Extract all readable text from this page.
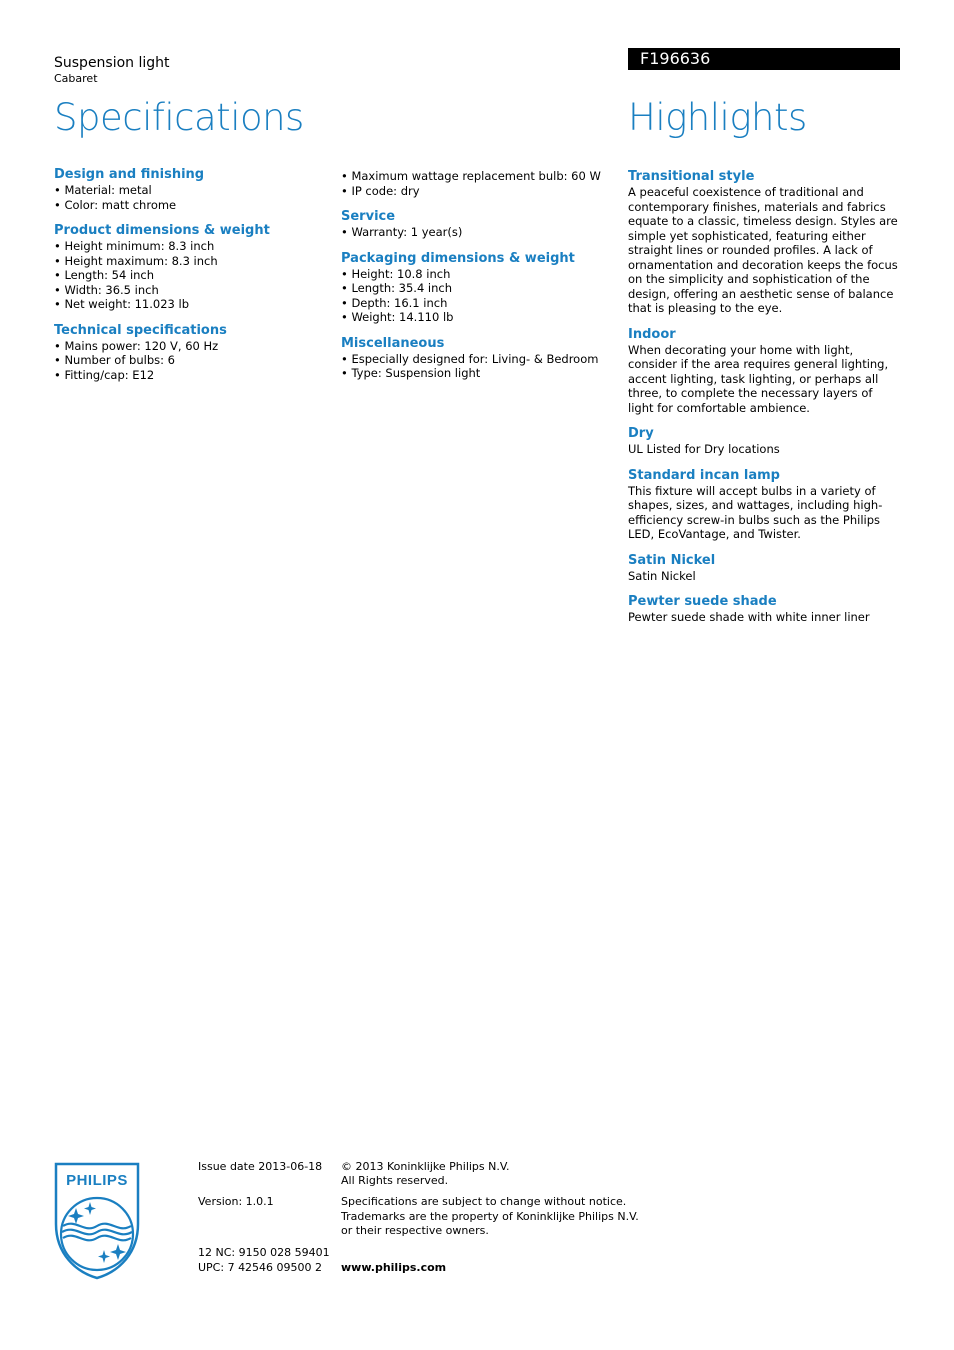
Suspension light
Cabaret
Specifications
F196636
Highlights
Design and finishing
• Material: metal
• Color: matt chrome
Product dimensions & weight
• Height minimum: 8.3 inch
• Height maximum: 8.3 inch
• Length: 54 inch
• Width: 36.5 inch
• Net weight: 11.023 lb
Technical specifications
• Mains power: 120 V, 60 Hz
• Number of bulbs: 6
• Fitting/cap: E12
• Maximum wattage replacement bulb: 60 W
• IP code: dry
Service
• Warranty: 1 year(s)
Packaging dimensions & weight
• Height: 10.8 inch
• Length: 35.4 inch
• Depth: 16.1 inch
• Weight: 14.110 lb
Miscellaneous
• Especially designed for: Living- & Bedroom
• Type: Suspension light
Transitional style
A peaceful coexistence of traditional and contemporary finishes, materials and fabrics equate to a classic, timeless design. Styles are simple yet sophisticated, featuring either straight lines or rounded profiles. A lack of ornamentation and decoration keeps the focus on the simplicity and sophistication of the design, offering an aesthetic sense of balance that is pleasing to the eye.
Indoor
When decorating your home with light, consider if the area requires general lighting, accent lighting, task lighting, or perhaps all three, to complete the necessary layers of light for comfortable ambience.
Dry
UL Listed for Dry locations
Standard incan lamp
This fixture will accept bulbs in a variety of shapes, sizes, and wattages, including high-efficiency screw-in bulbs such as the Philips LED, EcoVantage, and Twister.
Satin Nickel
Satin Nickel
Pewter suede shade
Pewter suede shade with white inner liner
PHILIPS
Issue date 2013-06-18
Version: 1.0.1
12 NC: 9150 028 59401
UPC: 7 42546 09500 2
© 2013 Koninklijke Philips N.V.
All Rights reserved.
Specifications are subject to change without notice.
Trademarks are the property of Koninklijke Philips N.V.
or their respective owners.
www.philips.com
